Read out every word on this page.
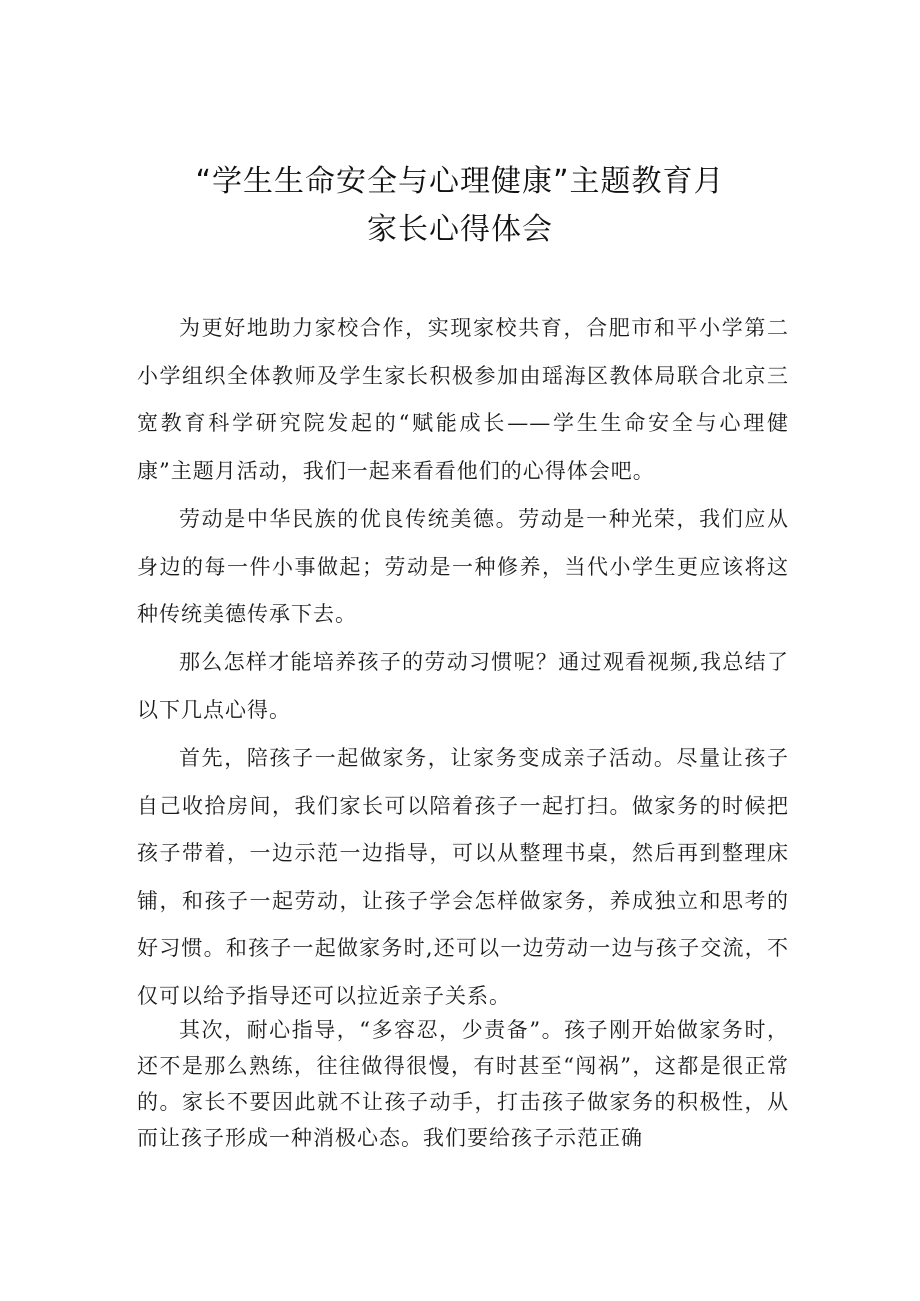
“学生生命安全与心理健康”主题教育月
家长心得体会

为更好地助力家校合作，实现家校共育，合肥市和平小学第二小学组织全体教师及学生家长积极参加由瑶海区教体局联合北京三宽教育科学研究院发起的“赋能成长——学生生命安全与心理健康”主题月活动，我们一起来看看他们的心得体会吧。

劳动是中华民族的优良传统美德。劳动是一种光荣，我们应从身边的每一件小事做起；劳动是一种修养，当代小学生更应该将这种传统美德传承下去。

那么怎样才能培养孩子的劳动习惯呢？通过观看视频,我总结了以下几点心得。

首先，陪孩子一起做家务，让家务变成亲子活动。尽量让孩子自己收拾房间，我们家长可以陪着孩子一起打扫。做家务的时候把孩子带着，一边示范一边指导，可以从整理书桌，然后再到整理床铺，和孩子一起劳动，让孩子学会怎样做家务，养成独立和思考的好习惯。和孩子一起做家务时,还可以一边劳动一边与孩子交流，不仅可以给予指导还可以拉近亲子关系。

其次，耐心指导，“多容忍，少责备”。孩子刚开始做家务时，还不是那么熟练，往往做得很慢，有时甚至“闯祸”，这都是很正常的。家长不要因此就不让孩子动手，打击孩子做家务的积极性，从而让孩子形成一种消极心态。我们要给孩子示范正确
